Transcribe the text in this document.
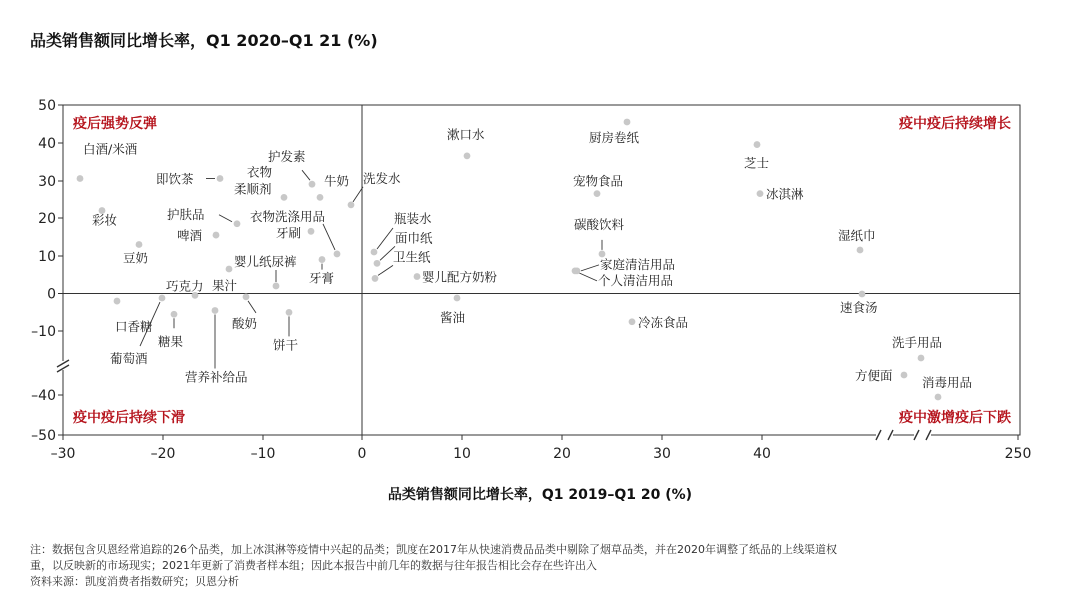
品类销售额同比增长率，Q1 2020–Q1 21 (%)
50
40
30
20
10
0
–10
–40
–50
–30	–20	–10	0	10	20	30	40	250
白酒/米酒
彩妆
豆奶
即饮茶
护肤品
啤酒
衣物柔顺剂
护发素
牛奶
衣物洗涤用品
牙刷
婴儿纸尿裤
牙膏
果汁
巧克力
口香糖
葡萄酒
糖果
营养补给品
酸奶
饼干
洗发水
漱口水
瓶装水
面巾纸
卫生纸
婴儿配方奶粉
酱油
厨房卷纸
宠物食品
碳酸饮料
家庭清洁用品
个人清洁用品
冷冻食品
芝士
冰淇淋
湿纸巾
速食汤
洗手用品
方便面 消毒用品
疫后强势反弹	疫中疫后持续增长
疫中疫后持续下滑	疫中激增疫后下跌
品类销售额同比增长率，Q1 2019–Q1 20 (%)
注：数据包含贝恩经常追踪的26个品类，加上冰淇淋等疫情中兴起的品类；凯度在2017年从快速消费品品类中剔除了烟草品类，并在2020年调整了纸品的上线渠道权
重，以反映新的市场现实；2021年更新了消费者样本组；因此本报告中前几年的数据与往年报告相比会存在些许出入
资料来源：凯度消费者指数研究；贝恩分析
